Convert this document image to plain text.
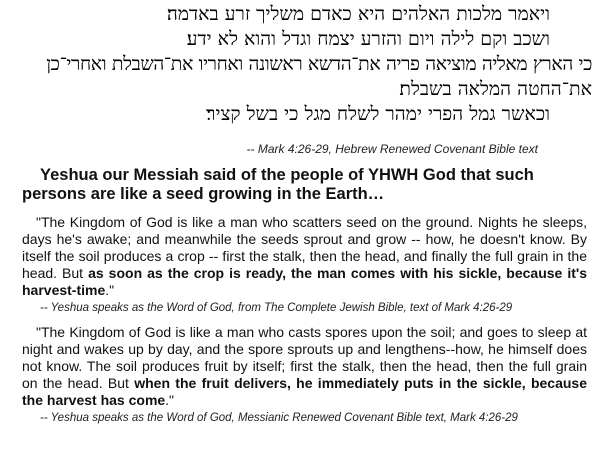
ויאמר מלכות האלהים היא כאדם משליך זרע באדמה׃
ושכב וקם לילה ויום והזרע יצמח וגדל והוא לא ידע׃
כי הארץ מאליה מוציאה פריה את־הדשא ראשונה ואחריו את־השבלת ואחרי־כן
את־החטה המלאה בשבלת׃
וכאשר גמל הפרי ימהר לשלח מגל כי בשל קציר׃
-- Mark 4:26-29, Hebrew Renewed Covenant Bible text
Yeshua our Messiah said of the people of YHWH God that such
persons are like a seed growing in the Earth…
"The Kingdom of God is like a man who scatters seed on the ground. Nights he sleeps, days he's awake; and meanwhile the seeds sprout and grow -- how, he doesn't know. By itself the soil produces a crop -- first the stalk, then the head, and finally the full grain in the head. But as soon as the crop is ready, the man comes with his sickle, because it's harvest-time."
-- Yeshua speaks as the Word of God, from The Complete Jewish Bible, text of Mark 4:26-29
"The Kingdom of God is like a man who casts spores upon the soil; and goes to sleep at night and wakes up by day, and the spore sprouts up and lengthens--how, he himself does not know. The soil produces fruit by itself; first the stalk, then the head, then the full grain on the head. But when the fruit delivers, he immediately puts in the sickle, because the harvest has come."
-- Yeshua speaks as the Word of God, Messianic Renewed Covenant Bible text, Mark 4:26-29
